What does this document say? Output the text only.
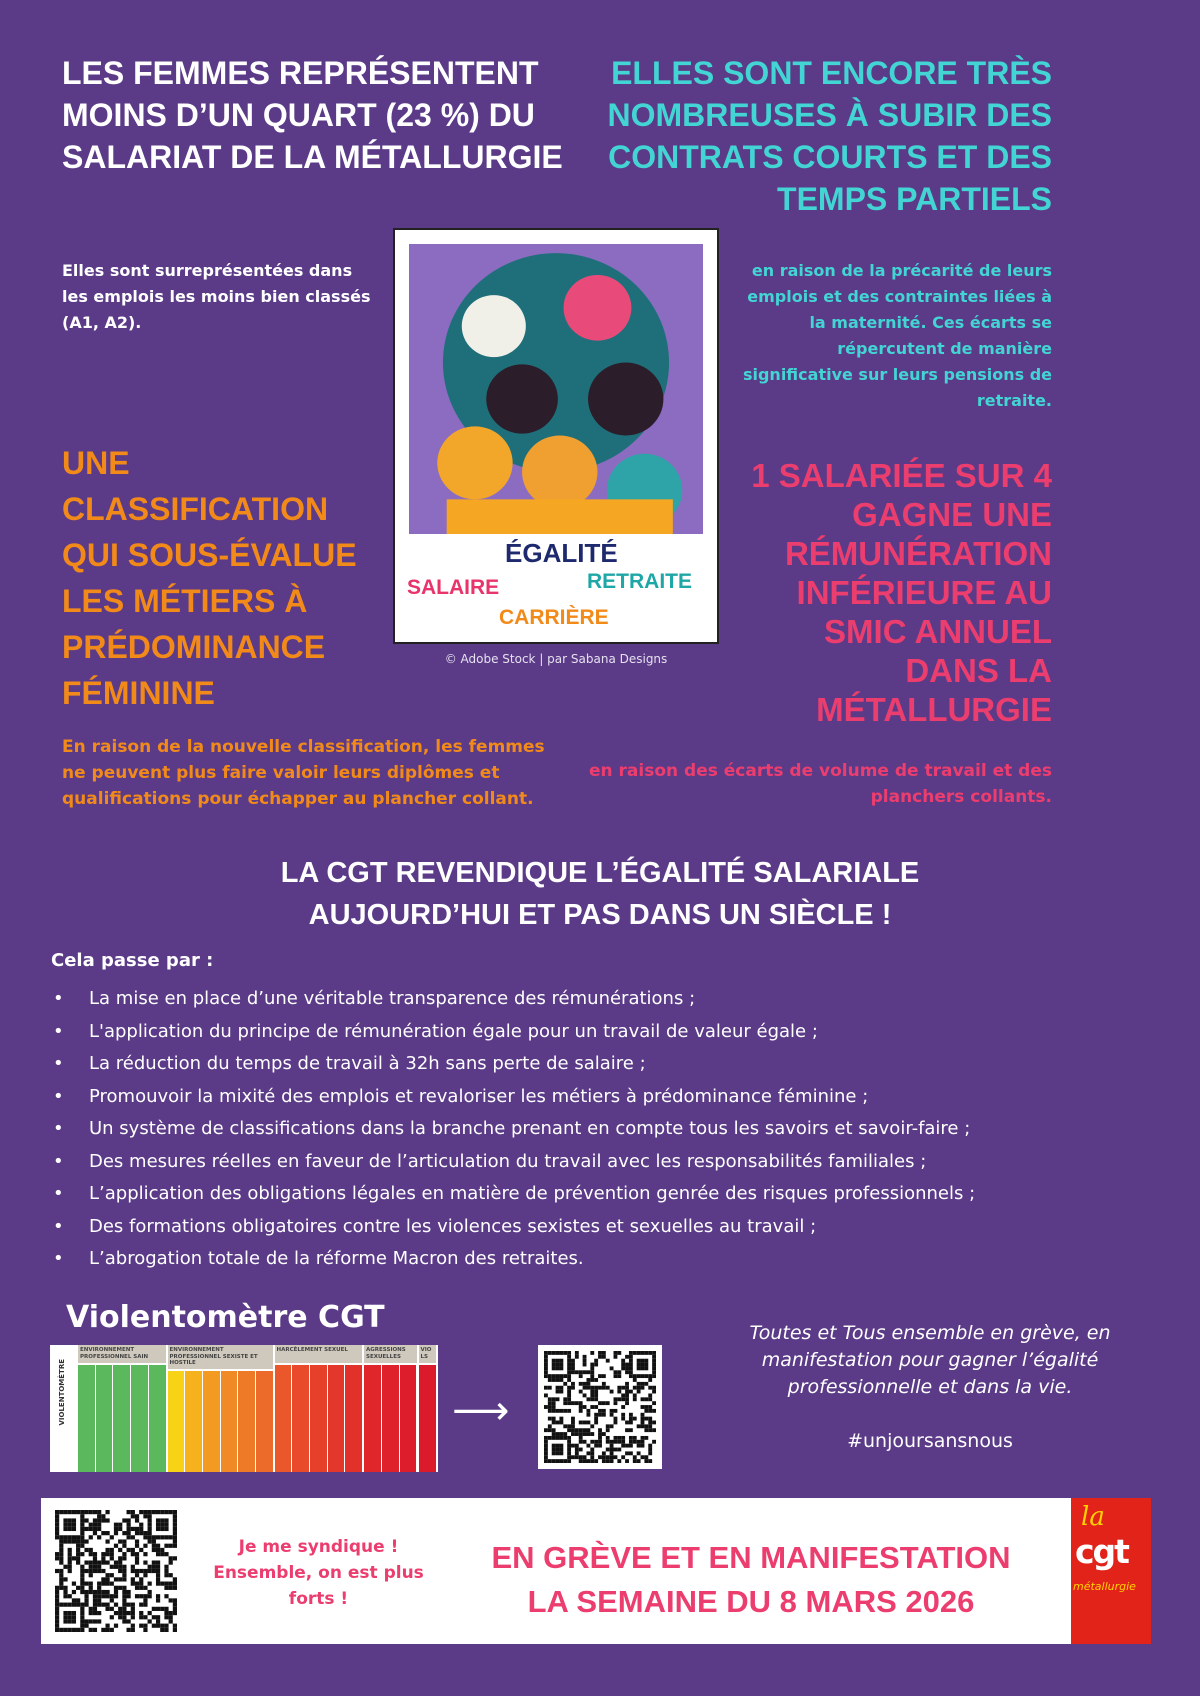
LES FEMMES REPRÉSENTENT MOINS D’UN QUART (23 %) DU SALARIAT DE LA MÉTALLURGIE
Elles sont surreprésentées dans les emplois les moins bien classés (A1, A2).
ELLES SONT ENCORE TRÈS NOMBREUSES À SUBIR DES CONTRATS COURTS ET DES TEMPS PARTIELS
en raison de la précarité de leurs emplois et des contraintes liées à la maternité. Ces écarts se répercutent de manière significative sur leurs pensions de retraite.
ÉGALITÉ
SALAIRE	RETRAITE
CARRIÈRE
© Adobe Stock | par Sabana Designs
UNE CLASSIFICATION QUI SOUS-ÉVALUE LES MÉTIERS À PRÉDOMINANCE FÉMININE
En raison de la nouvelle classification, les femmes ne peuvent plus faire valoir leurs diplômes et qualifications pour échapper au plancher collant.
1 SALARIÉE SUR 4 GAGNE UNE RÉMUNÉRATION INFÉRIEURE AU SMIC ANNUEL DANS LA MÉTALLURGIE
en raison des écarts de volume de travail et des planchers collants.
LA CGT REVENDIQUE L’ÉGALITÉ SALARIALE
AUJOURD’HUI ET PAS DANS UN SIÈCLE !
Cela passe par :
• La mise en place d’une véritable transparence des rémunérations ;
• L'application du principe de rémunération égale pour un travail de valeur égale ;
• La réduction du temps de travail à 32h sans perte de salaire ;
• Promouvoir la mixité des emplois et revaloriser les métiers à prédominance féminine ;
• Un système de classifications dans la branche prenant en compte tous les savoirs et savoir-faire ;
• Des mesures réelles en faveur de l’articulation du travail avec les responsabilités familiales ;
• L’application des obligations légales en matière de prévention genrée des risques professionnels ;
• Des formations obligatoires contre les violences sexistes et sexuelles au travail ;
• L’abrogation totale de la réforme Macron des retraites.
Violentomètre CGT
VIOLENTOMÈTRE
ENVIRONNEMENT PROFESSIONNEL SAIN
ENVIRONNEMENT PROFESSIONNEL SEXISTE ET HOSTILE
HARCÈLEMENT SEXUEL	AGRESSIONS SEXUELLES
VIOLS
⟶
Toutes et Tous ensemble en grève, en manifestation pour gagner l’égalité professionnelle et dans la vie.
#unjoursansnous
Je me syndique ! Ensemble, on est plus forts !
EN GRÈVE ET EN MANIFESTATION
LA SEMAINE DU 8 MARS 2026
la
cgt
métallurgie
